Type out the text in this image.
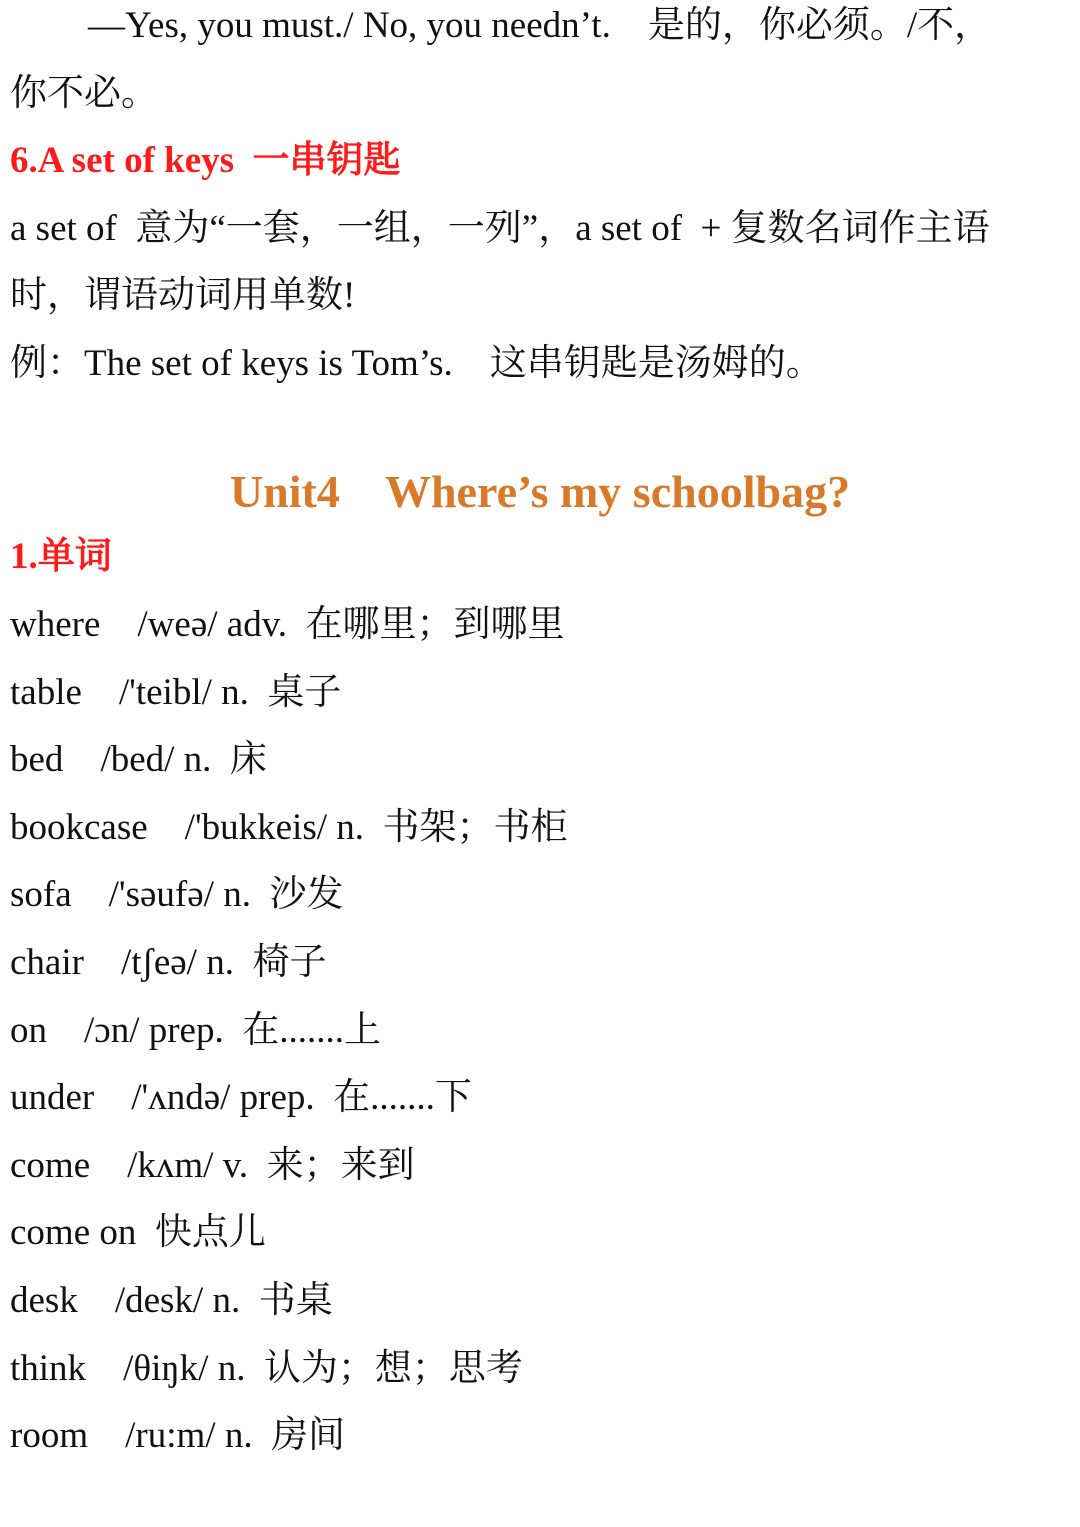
—Yes, you must./ No, you needn’t.    是的，你必须。/不，
你不必。
6.A set of keys  一串钥匙
a set of  意为“一套，一组，一列”，a set of  + 复数名词作主语
时，谓语动词用单数!
例：The set of keys is Tom’s.    这串钥匙是汤姆的。
Unit4    Where’s my schoolbag?
1.单词
where /weə/ adv. 在哪里；到哪里
table /'teibl/ n. 桌子
bed /bed/ n. 床
bookcase /'bukkeis/ n. 书架；书柜
sofa /'səufə/ n. 沙发
chair /tʃeə/ n. 椅子
on /ɔn/ prep. 在.......上
under /'ʌndə/ prep. 在.......下
come /kʌm/ v. 来；来到
come on 快点儿
desk /desk/ n. 书桌
think /θiŋk/ n. 认为；想；思考
room /ru:m/ n. 房间
